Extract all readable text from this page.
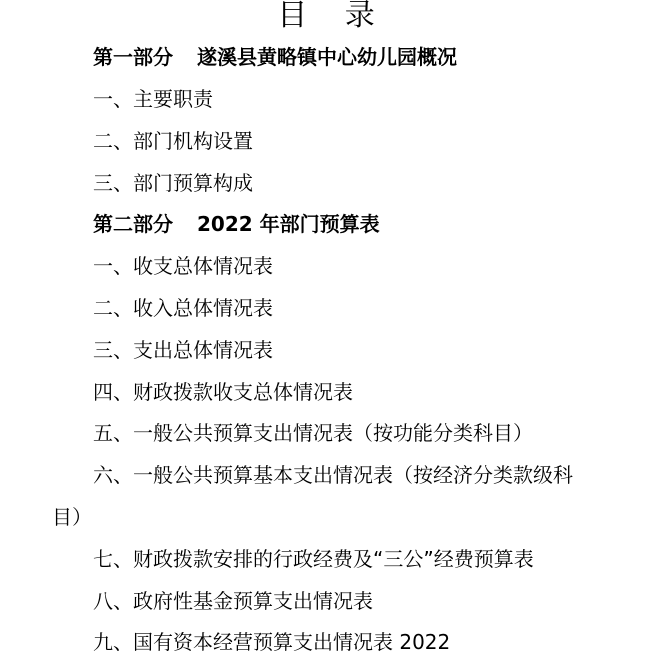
目 录
第一部分 遂溪县黄略镇中心幼儿园概况
一、主要职责
二、部门机构设置
三、部门预算构成
第二部分 2022 年部门预算表
一、收支总体情况表
二、收入总体情况表
三、支出总体情况表
四、财政拨款收支总体情况表
五、一般公共预算支出情况表（按功能分类科目）
六、一般公共预算基本支出情况表（按经济分类款级科
目）
七、财政拨款安排的行政经费及“三公”经费预算表
八、政府性基金预算支出情况表
九、国有资本经营预算支出情况表 2022
